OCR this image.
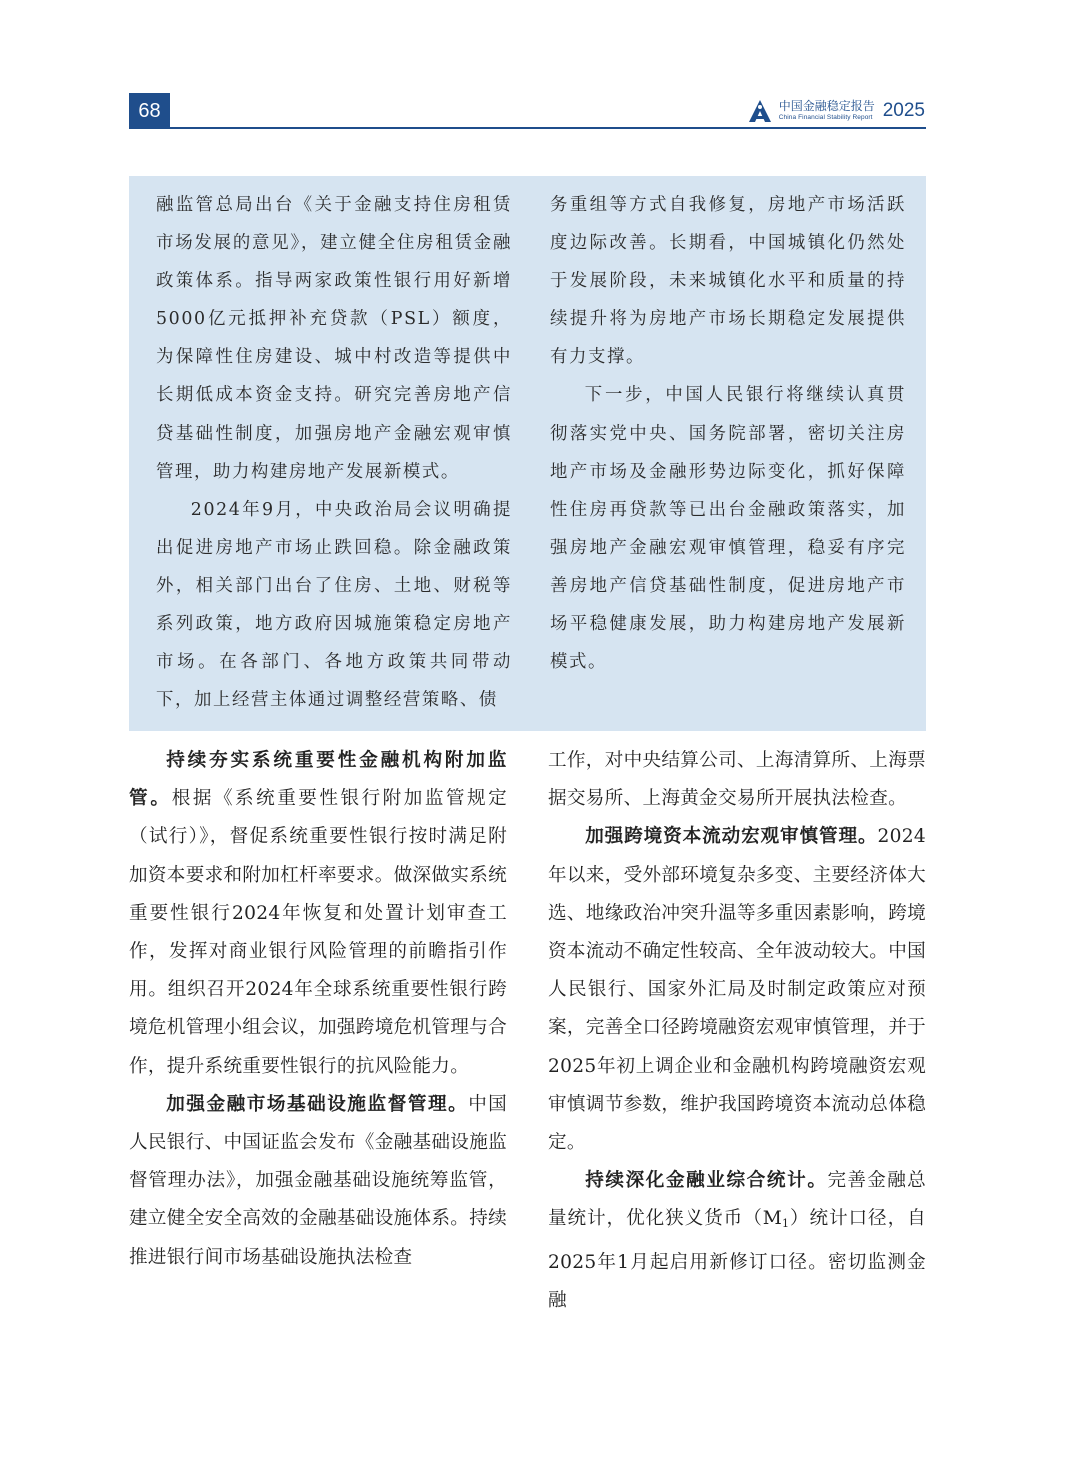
68	中国金融稳定报告
China Financial Stability Report 2025

融监管总局出台《关于金融支持住房租赁市场发展的意见》，建立健全住房租赁金融政策体系。指导两家政策性银行用好新增5000亿元抵押补充贷款（PSL）额度，为保障性住房建设、城中村改造等提供中长期低成本资金支持。研究完善房地产信贷基础性制度，加强房地产金融宏观审慎管理，助力构建房地产发展新模式。

2024年9月，中央政治局会议明确提出促进房地产市场止跌回稳。除金融政策外，相关部门出台了住房、土地、财税等系列政策，地方政府因城施策稳定房地产市场。在各部门、各地方政策共同带动下，加上经营主体通过调整经营策略、债

务重组等方式自我修复，房地产市场活跃度边际改善。长期看，中国城镇化仍然处于发展阶段，未来城镇化水平和质量的持续提升将为房地产市场长期稳定发展提供有力支撑。

下一步，中国人民银行将继续认真贯彻落实党中央、国务院部署，密切关注房地产市场及金融形势边际变化，抓好保障性住房再贷款等已出台金融政策落实，加强房地产金融宏观审慎管理，稳妥有序完善房地产信贷基础性制度，促进房地产市场平稳健康发展，助力构建房地产发展新模式。

持续夯实系统重要性金融机构附加监管。根据《系统重要性银行附加监管规定（试行）》，督促系统重要性银行按时满足附加资本要求和附加杠杆率要求。做深做实系统重要性银行2024年恢复和处置计划审查工作，发挥对商业银行风险管理的前瞻指引作用。组织召开2024年全球系统重要性银行跨境危机管理小组会议，加强跨境危机管理与合作，提升系统重要性银行的抗风险能力。

加强金融市场基础设施监督管理。中国人民银行、中国证监会发布《金融基础设施监督管理办法》，加强金融基础设施统筹监管，建立健全安全高效的金融基础设施体系。持续推进银行间市场基础设施执法检查

工作，对中央结算公司、上海清算所、上海票据交易所、上海黄金交易所开展执法检查。

加强跨境资本流动宏观审慎管理。2024年以来，受外部环境复杂多变、主要经济体大选、地缘政治冲突升温等多重因素影响，跨境资本流动不确定性较高、全年波动较大。中国人民银行、国家外汇局及时制定政策应对预案，完善全口径跨境融资宏观审慎管理，并于2025年初上调企业和金融机构跨境融资宏观审慎调节参数，维护我国跨境资本流动总体稳定。

持续深化金融业综合统计。完善金融总量统计，优化狭义货币$(M_1)$统计口径，自2025年1月起启用新修订口径。密切监测金融
